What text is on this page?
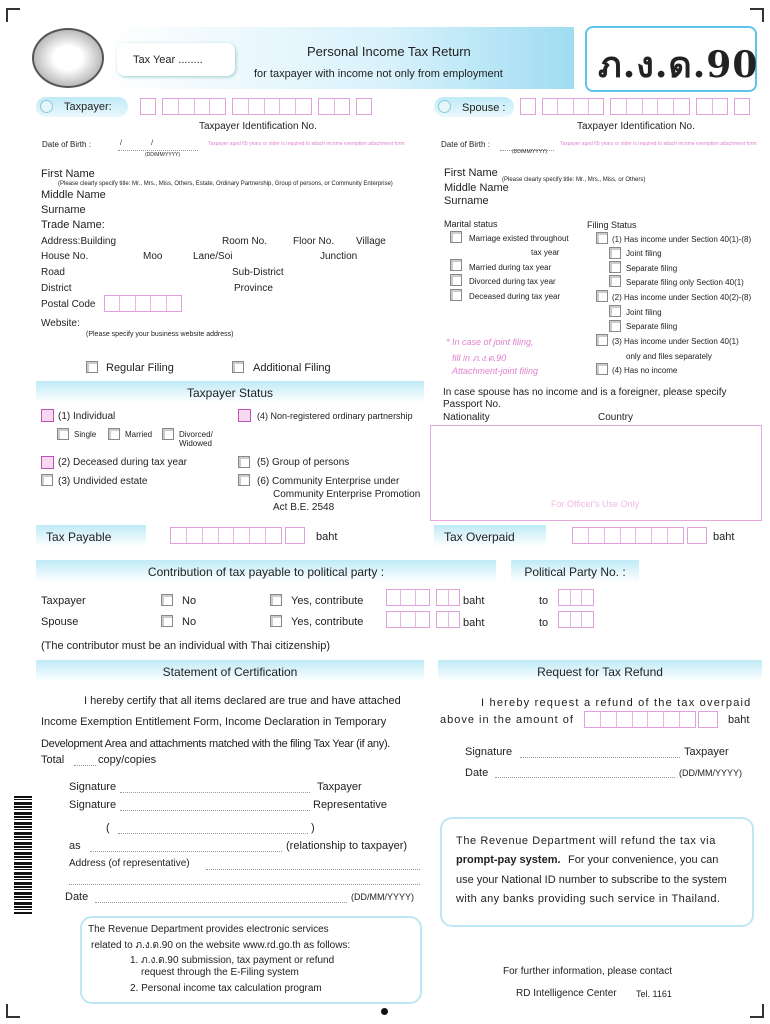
Tax Year ........
Personal Income Tax Return
for taxpayer with income not only from employment	ภ.ง.ด.90
Taxpayer:
Taxpayer Identification No.
Spouse :
Taxpayer Identification No.
Date of Birth :	/               /
(DD/MM/YYYY)
Taxpayer aged 65 years or older is required to attach income exemption attachment form	Date of Birth :
(DD/MM/YYYY)
Taxpayer aged 65 years or older is required to attach income exemption attachment form
First Name
(Please clearly specify title: Mr., Mrs., Miss, Others, Estate, Ordinary Partnership, Group of persons, or Community Enterprise)
Middle Name
Surname
Trade Name:
Address:Building	Room No.	Floor No. Village
House No.	Moo	Lane/Soi	Junction
Road	Sub-District
District	Province
Postal Code
Website:
(Please specify your business website address)
Regular Filing	Additional Filing
First Name
(Please clearly specify title: Mr., Mrs., Miss, or Others)
Middle Name
Surname
Marital status
Marriage existed throughout
tax year
Married during tax year
Divorced during tax year
Deceased during tax year
Filing Status
(1) Has income under Section 40(1)-(8)
Joint filing
Separate filing
Separate filing only Section 40(1)
(2) Has income under Section 40(2)-(8)
Joint filing
Separate filing
(3) Has income under Section 40(1)
only and files separately
(4) Has no income
* In case of joint filing,
fill in ภ.ง.ด.90
Attachment-joint filing
Taxpayer Status
(1) Individual
Single	Married	Divorced/
Widowed
(2) Deceased during tax year
(3) Undivided estate
(4) Non-registered ordinary partnership
(5) Group of persons
(6) Community Enterprise under
Community Enterprise Promotion
Act B.E. 2548
In case spouse has no income and is a foreigner, please specify
Passport No.
Nationality	Country
For Officer's Use Only
Tax Payable	baht	Tax Overpaid	baht
Contribution of tax payable to political party :	Political Party No. :
Taxpayer	No	Yes, contribute	baht	to
Spouse	No	Yes, contribute	baht	to
(The contributor must be an individual with Thai citizenship)
Statement of Certification
I hereby certify that all items declared are true and have attached
Income Exemption Entitlement Form, Income Declaration in Temporary
Development Area and attachments matched with the filing Tax Year (if any).
Total	copy/copies
Signature	Taxpayer
Signature	Representative
(	)
as	(relationship to taxpayer)
Address (of representative)
Date	(DD/MM/YYYY)
Request for Tax Refund
I hereby request a refund of the tax overpaid
above in the amount of	baht
Signature	Taxpayer
Date	(DD/MM/YYYY)
The Revenue Department will refund the tax via
prompt-pay system. For your convenience, you can
use your National ID number to subscribe to the system
with any banks providing such service in Thailand.
The Revenue Department provides electronic services
related to ภ.ง.ด.90 on the website www.rd.go.th as follows:
1. ภ.ง.ด.90 submission, tax payment or refund
request through the E-Filing system
2. Personal income tax calculation program
For further information, please contact
RD Intelligence Center Tel. 1161
